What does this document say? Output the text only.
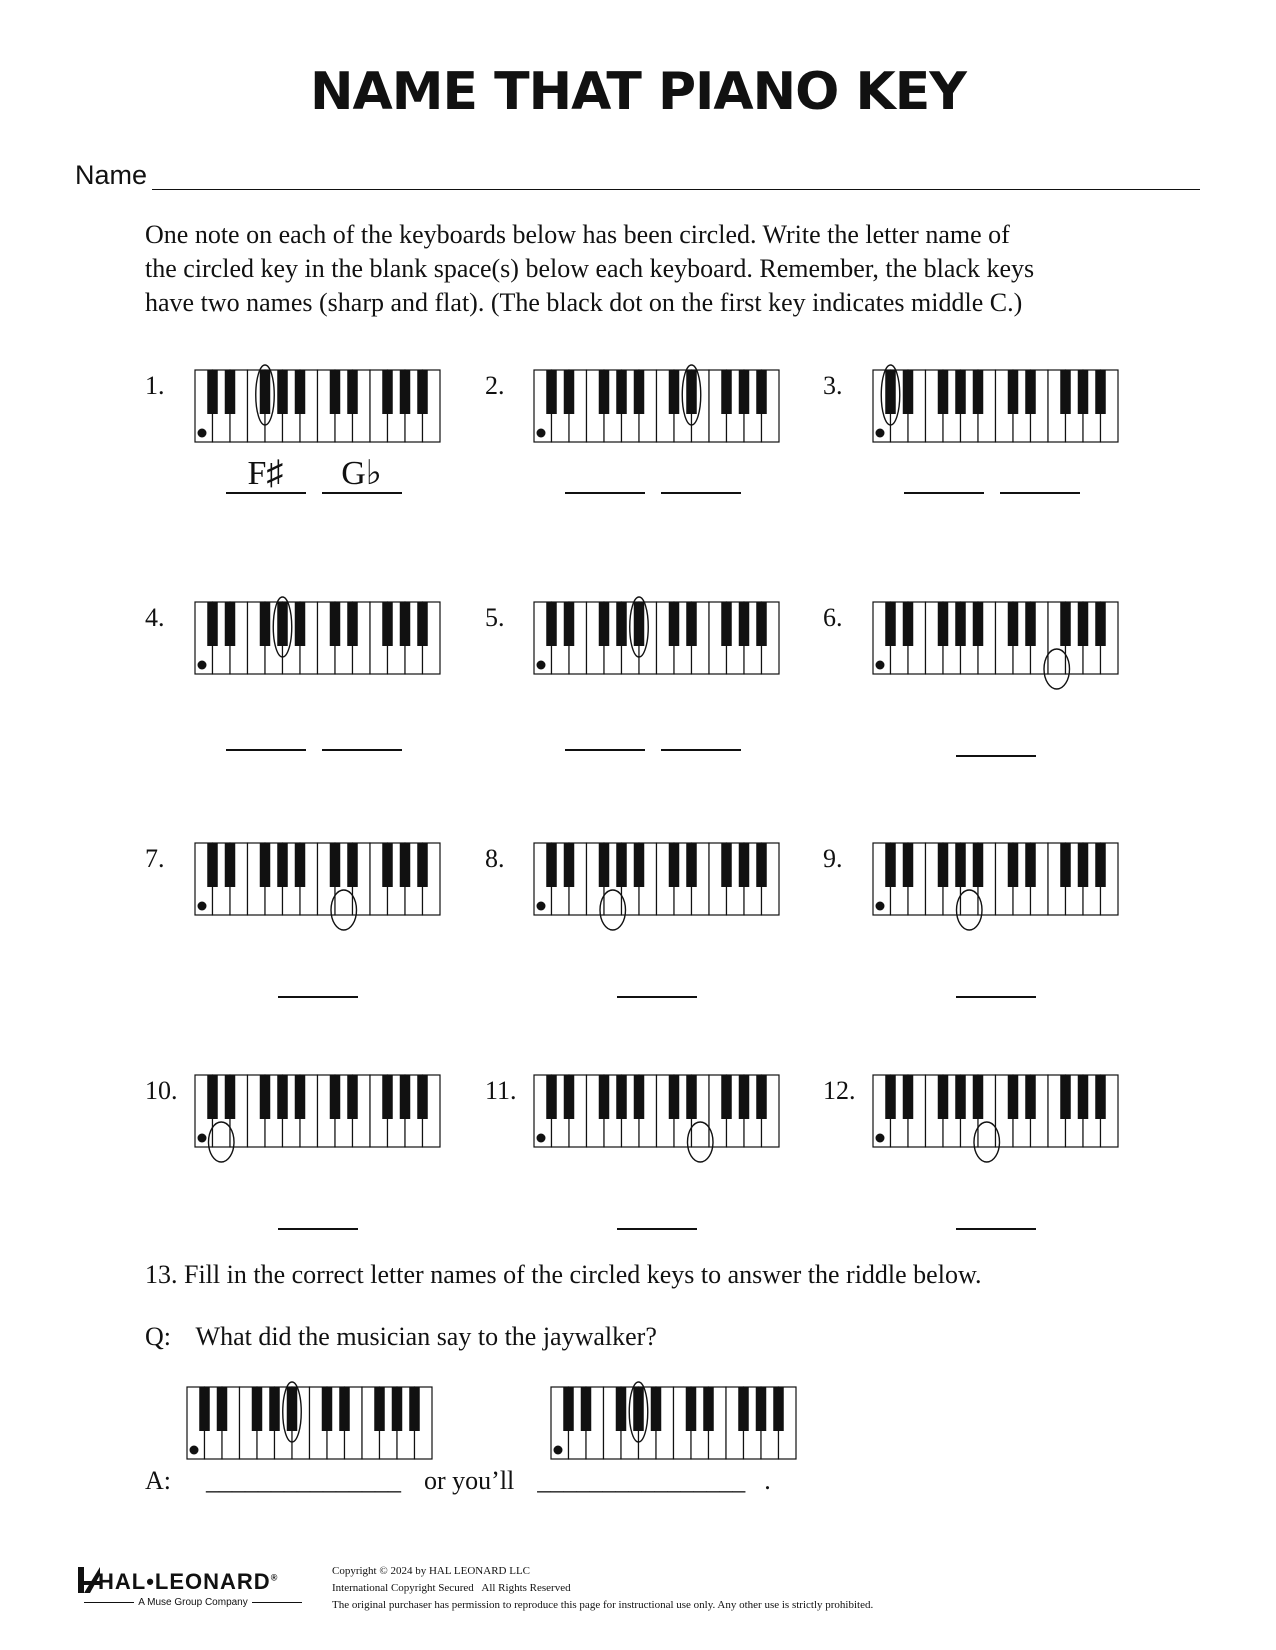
NAME THAT PIANO KEY
Name
One note on each of the keyboards below has been circled. Write the letter name of
the circled key in the blank space(s) below each keyboard. Remember, the black keys
have two names (sharp and flat). (The black dot on the first key indicates middle C.)
1.
F♯	G♭
2.	3.
4.	5.	6.
7.	8.	9.
10.	11.	12.
13. Fill in the correct letter names of the circled keys to answer the riddle below.
Q: What did the musician say to the jaywalker?
A: _______________ or you’ll ________________ .
HAL•LEONARD®
A Muse Group Company
Copyright © 2024 by HAL LEONARD LLC
International Copyright Secured   All Rights Reserved
The original purchaser has permission to reproduce this page for instructional use only. Any other use is strictly prohibited.
